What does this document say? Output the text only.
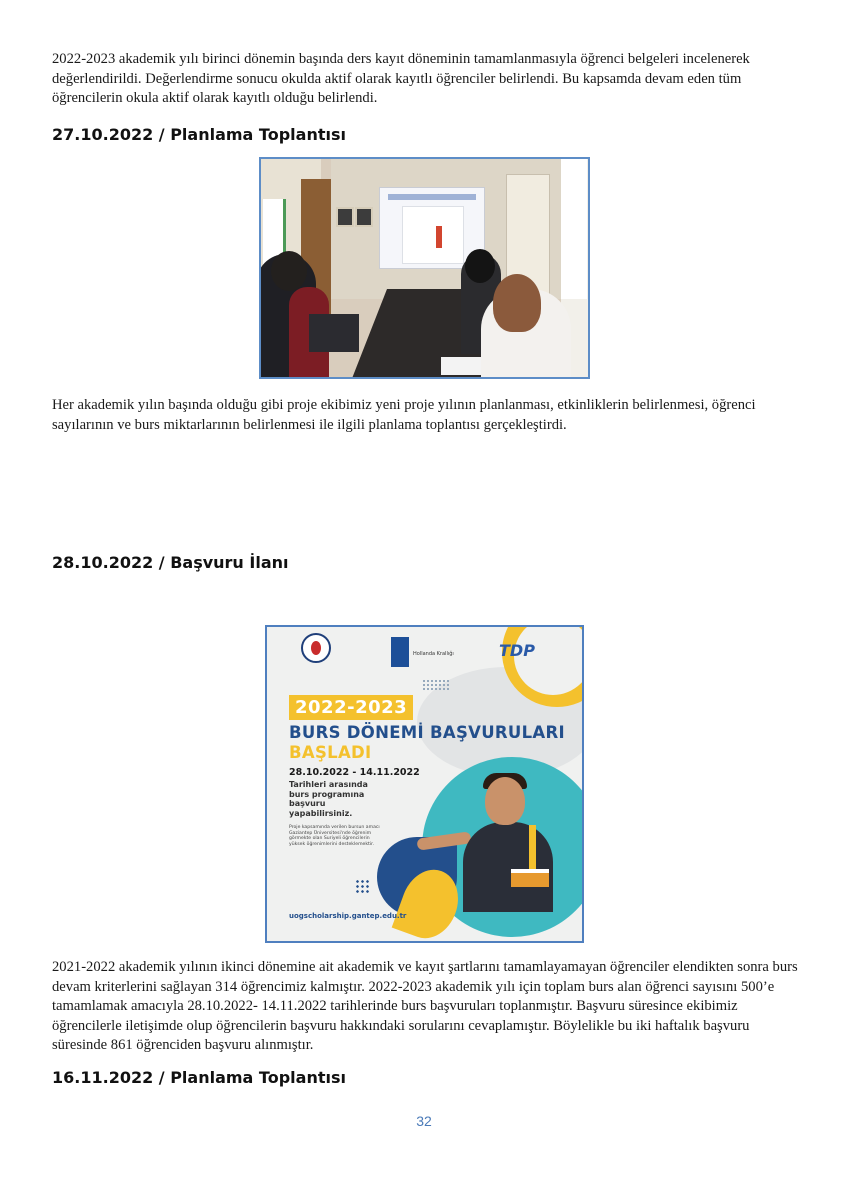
2022-2023 akademik yılı birinci dönemin başında ders kayıt döneminin tamamlanmasıyla öğrenci belgeleri incelenerek değerlendirildi. Değerlendirme sonucu okulda aktif olarak kayıtlı öğrenciler belirlendi. Bu kapsamda devam eden tüm öğrencilerin okula aktif olarak kayıtlı olduğu belirlendi.

27.10.2022 / Planlama Toplantısı

Her akademik yılın başında olduğu gibi proje ekibimiz yeni proje yılının planlanması, etkinliklerin belirlenmesi, öğrenci sayılarının ve burs miktarlarının belirlenmesi ile ilgili planlama toplantısı gerçekleştirdi.

28.10.2022 / Başvuru İlanı
Hollanda Krallığı	TDP
2022-2023
BURS DÖNEMİ BAŞVURULARI
BAŞLADI
28.10.2022 - 14.11.2022
Tarihleri arasında burs programına başvuru yapabilirsiniz.
Proje kapsamında verilen bursun amacı Gaziantep Üniversitesi'nde öğrenim görmekte olan Suriyeli öğrencilerin yüksek öğrenimlerini desteklemektir.
uogscholarship.gantep.edu.tr

2021-2022 akademik yılının ikinci dönemine ait akademik ve kayıt şartlarını tamamlayamayan öğrenciler elendikten sonra burs devam kriterlerini sağlayan 314 öğrencimiz kalmıştır. 2022-2023 akademik yılı için toplam burs alan öğrenci sayısını 500’e tamamlamak amacıyla 28.10.2022- 14.11.2022 tarihlerinde burs başvuruları toplanmıştır. Başvuru süresince ekibimiz öğrencilerle iletişimde olup öğrencilerin başvuru hakkındaki sorularını cevaplamıştır. Böylelikle bu iki haftalık başvuru süresinde 861 öğrenciden başvuru alınmıştır.

16.11.2022 / Planlama Toplantısı
32
